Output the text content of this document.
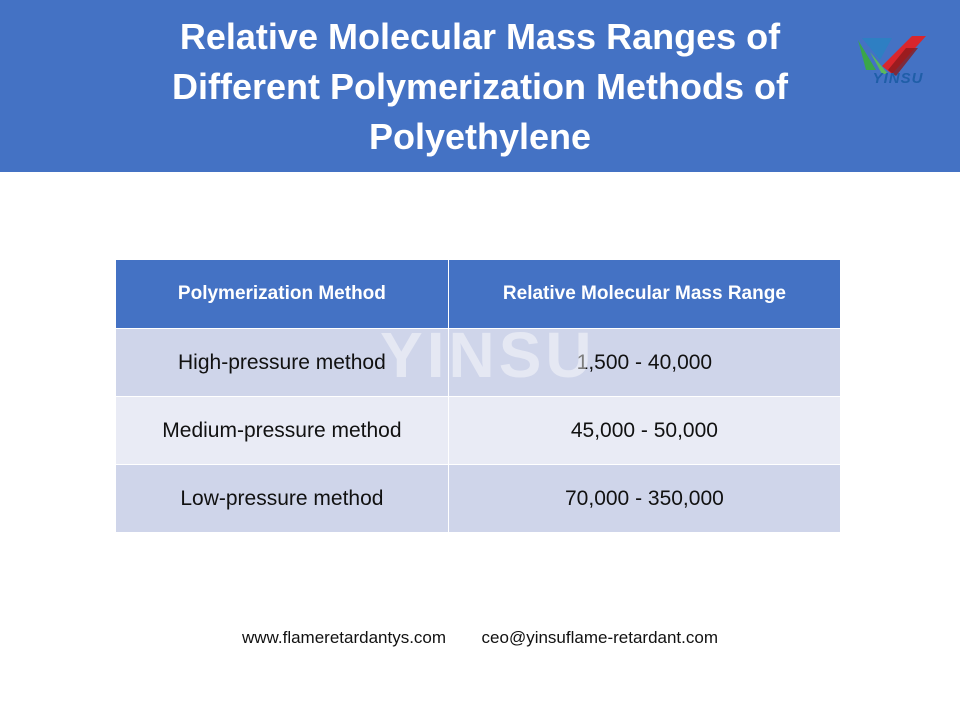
Relative Molecular Mass Ranges of
Different Polymerization Methods of
Polyethylene
YINSU
Polymerization Method	Relative Molecular Mass Range
High-pressure method	1,500 - 40,000
Medium-pressure method	45,000 - 50,000
Low-pressure method	70,000 - 350,000
YINSU
www.flameretardantys.com ceo@yinsuflame-retardant.com
